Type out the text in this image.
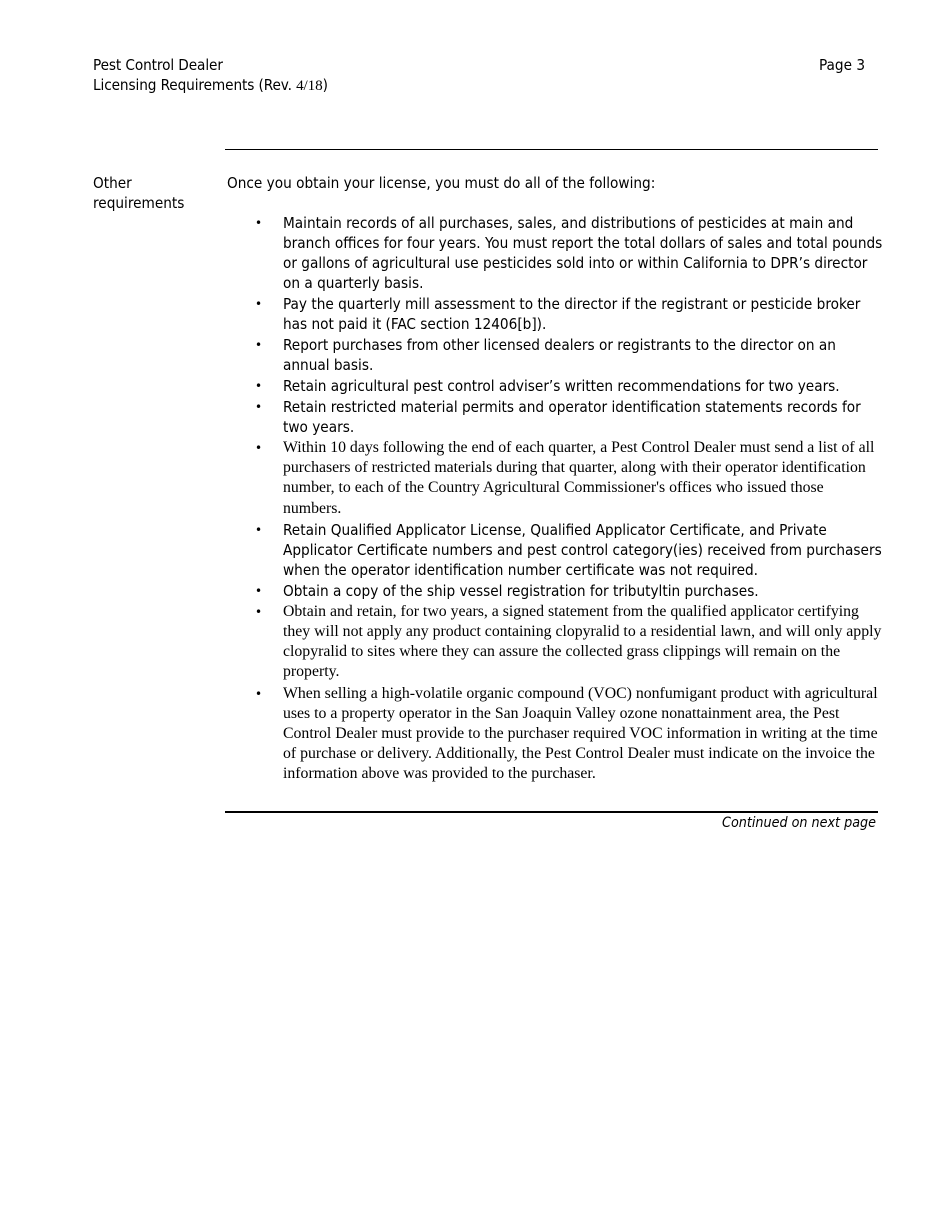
Pest Control Dealer
Licensing Requirements (Rev. 4/18)
Page 3
Other requirements
Once you obtain your license, you must do all of the following:
• Maintain records of all purchases, sales, and distributions of pesticides at main and branch offices for four years. You must report the total dollars of sales and total pounds or gallons of agricultural use pesticides sold into or within California to DPR’s director on a quarterly basis.
• Pay the quarterly mill assessment to the director if the registrant or pesticide broker has not paid it (FAC section 12406[b]).
• Report purchases from other licensed dealers or registrants to the director on an annual basis.
• Retain agricultural pest control adviser’s written recommendations for two years.
• Retain restricted material permits and operator identification statements records for two years.
• Within 10 days following the end of each quarter, a Pest Control Dealer must send a list of all purchasers of restricted materials during that quarter, along with their operator identification number, to each of the Country Agricultural Commissioner's offices who issued those numbers.
• Retain Qualified Applicator License, Qualified Applicator Certificate, and Private Applicator Certificate numbers and pest control category(ies) received from purchasers when the operator identification number certificate was not required.
• Obtain a copy of the ship vessel registration for tributyltin purchases.
• Obtain and retain, for two years, a signed statement from the qualified applicator certifying they will not apply any product containing clopyralid to a residential lawn, and will only apply clopyralid to sites where they can assure the collected grass clippings will remain on the property.
• When selling a high-volatile organic compound (VOC) nonfumigant product with agricultural uses to a property operator in the San Joaquin Valley ozone nonattainment area, the Pest Control Dealer must provide to the purchaser required VOC information in writing at the time of purchase or delivery. Additionally, the Pest Control Dealer must indicate on the invoice the information above was provided to the purchaser.
Continued on next page
